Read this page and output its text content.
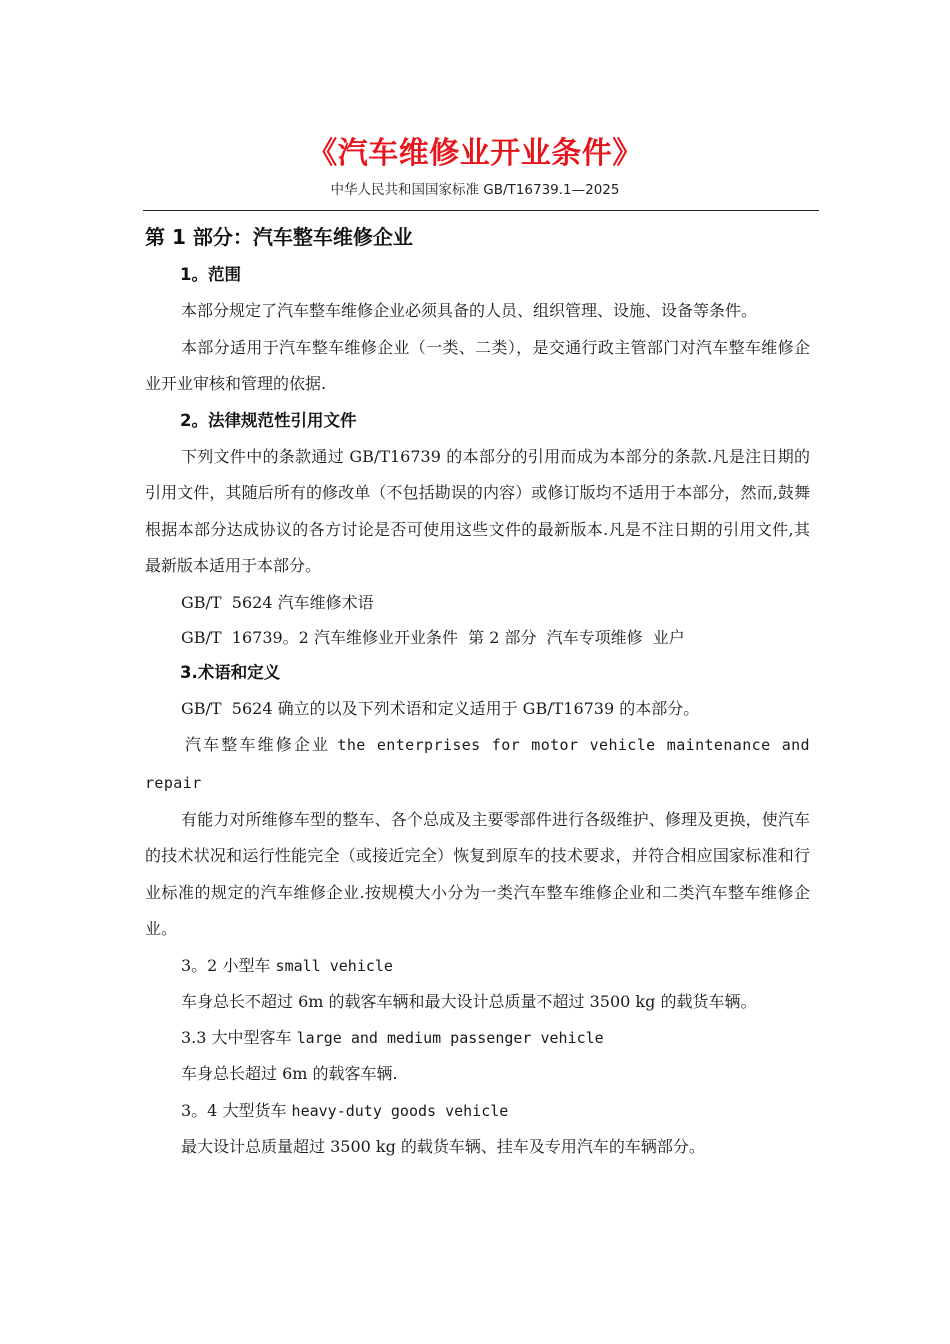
《汽车维修业开业条件》
中华人民共和国国家标准 GB/T16739.1—2025
第 1 部分：汽车整车维修企业
1。范围

本部分规定了汽车整车维修企业必须具备的人员、组织管理、设施、设备等条件。

本部分适用于汽车整车维修企业（一类、二类），是交通行政主管部门对汽车整车维修企业开业审核和管理的依据.

2。法律规范性引用文件

下列文件中的条款通过 GB/T16739 的本部分的引用而成为本部分的条款.凡是注日期的引用文件，其随后所有的修改单（不包括勘误的内容）或修订版均不适用于本部分，然而,鼓舞根据本部分达成协议的各方讨论是否可使用这些文件的最新版本.凡是不注日期的引用文件,其最新版本适用于本部分。

GB/T  5624 汽车维修术语

GB/T  16739。2 汽车维修业开业条件  第 2 部分  汽车专项维修  业户

3.术语和定义

GB/T  5624 确立的以及下列术语和定义适用于 GB/T16739 的本部分。

汽车整车维修企业 the enterprises for motor vehicle maintenance and repair

有能力对所维修车型的整车、各个总成及主要零部件进行各级维护、修理及更换，使汽车的技术状况和运行性能完全（或接近完全）恢复到原车的技术要求，并符合相应国家标准和行业标准的规定的汽车维修企业.按规模大小分为一类汽车整车维修企业和二类汽车整车维修企业。

3。2 小型车 small vehicle

车身总长不超过 6m 的载客车辆和最大设计总质量不超过 3500 kg 的载货车辆。

3.3 大中型客车 large and medium passenger vehicle

车身总长超过 6m 的载客车辆.

3。4 大型货车 heavy-duty goods vehicle

最大设计总质量超过 3500 kg 的载货车辆、挂车及专用汽车的车辆部分。
